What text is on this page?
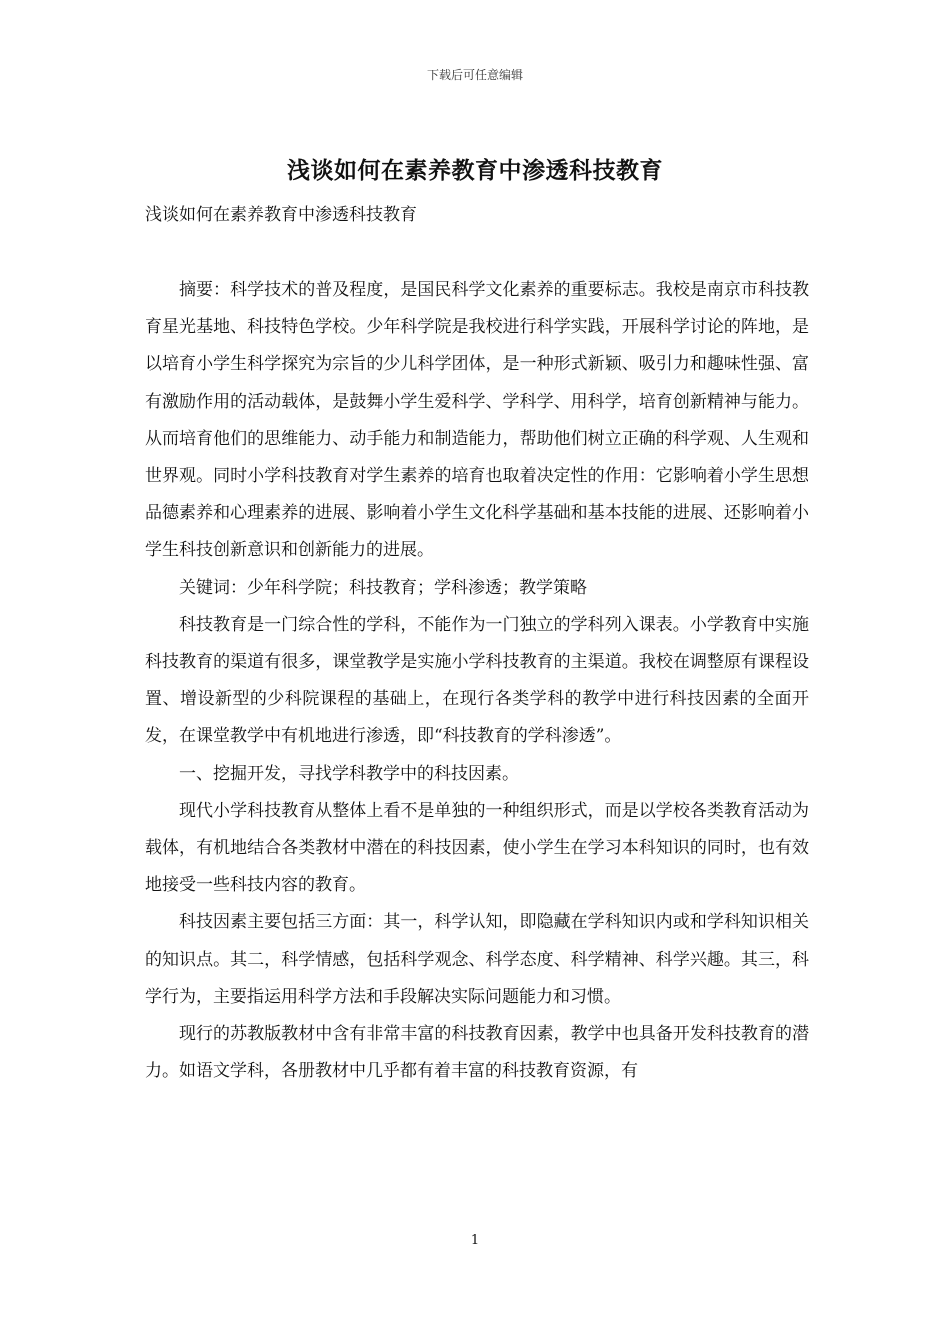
下载后可任意编辑
浅谈如何在素养教育中渗透科技教育

浅谈如何在素养教育中渗透科技教育

摘要：科学技术的普及程度，是国民科学文化素养的重要标志。我校是南京市科技教育星光基地、科技特色学校。少年科学院是我校进行科学实践，开展科学讨论的阵地，是以培育小学生科学探究为宗旨的少儿科学团体，是一种形式新颖、吸引力和趣味性强、富有激励作用的活动载体，是鼓舞小学生爱科学、学科学、用科学，培育创新精神与能力。从而培育他们的思维能力、动手能力和制造能力，帮助他们树立正确的科学观、人生观和世界观。同时小学科技教育对学生素养的培育也取着决定性的作用：它影响着小学生思想品德素养和心理素养的进展、影响着小学生文化科学基础和基本技能的进展、还影响着小学生科技创新意识和创新能力的进展。

关键词：少年科学院；科技教育；学科渗透；教学策略

科技教育是一门综合性的学科，不能作为一门独立的学科列入课表。小学教育中实施科技教育的渠道有很多，课堂教学是实施小学科技教育的主渠道。我校在调整原有课程设置、增设新型的少科院课程的基础上，在现行各类学科的教学中进行科技因素的全面开发，在课堂教学中有机地进行渗透，即“科技教育的学科渗透”。

一、挖掘开发，寻找学科教学中的科技因素。

现代小学科技教育从整体上看不是单独的一种组织形式，而是以学校各类教育活动为载体，有机地结合各类教材中潜在的科技因素，使小学生在学习本科知识的同时，也有效地接受一些科技内容的教育。

科技因素主要包括三方面：其一，科学认知，即隐藏在学科知识内或和学科知识相关的知识点。其二，科学情感，包括科学观念、科学态度、科学精神、科学兴趣。其三，科学行为，主要指运用科学方法和手段解决实际问题能力和习惯。

现行的苏教版教材中含有非常丰富的科技教育因素，教学中也具备开发科技教育的潜力。如语文学科，各册教材中几乎都有着丰富的科技教育资源，有

1
